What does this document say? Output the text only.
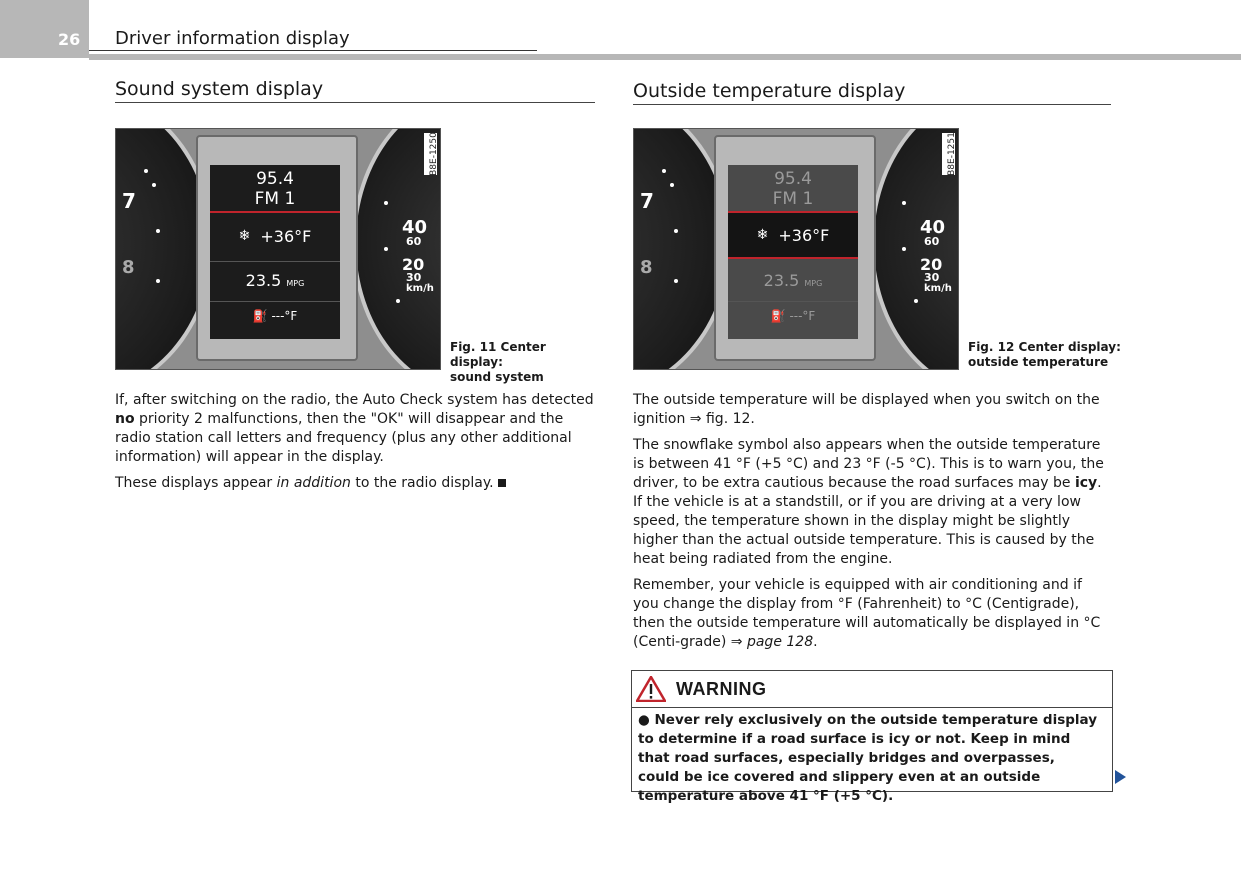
26 Driver information display
Sound system display
7
8
40
60
20
30
km/h
95.4
FM 1
❄ +36°F
23.5 MPG
⛽ ---°F
B8E-1250
Fig. 11 Center display:
sound system
If, after switching on the radio, the Auto Check system has detected no priority 2 malfunctions, then the "OK" will disappear and the radio station call letters and frequency (plus any other additional information) will appear in the display.
These displays appear in addition to the radio display.
Outside temperature display
7
8
40
60
20
30
km/h
95.4
FM 1
❄ +36°F
23.5 MPG
⛽ ---°F
B8E-1251
Fig. 12 Center display:
outside temperature
The outside temperature will be displayed when you switch on the ignition ⇒ fig. 12.
The snowflake symbol also appears when the outside temperature is between 41 °F (+5 °C) and 23 °F (-5 °C). This is to warn you, the driver, to be extra cautious because the road surfaces may be icy. If the vehicle is at a standstill, or if you are driving at a very low speed, the temperature shown in the display might be slightly higher than the actual outside temperature. This is caused by the heat being radiated from the engine.
Remember, your vehicle is equipped with air conditioning and if you change the display from °F (Fahrenheit) to °C (Centigrade), then the outside temperature will automatically be displayed in °C (Centi-grade) ⇒ page 128.
WARNING
● Never rely exclusively on the outside temperature display to determine if a road surface is icy or not. Keep in mind that road surfaces, especially bridges and overpasses, could be ice covered and slippery even at an outside temperature above 41 °F (+5 °C).
